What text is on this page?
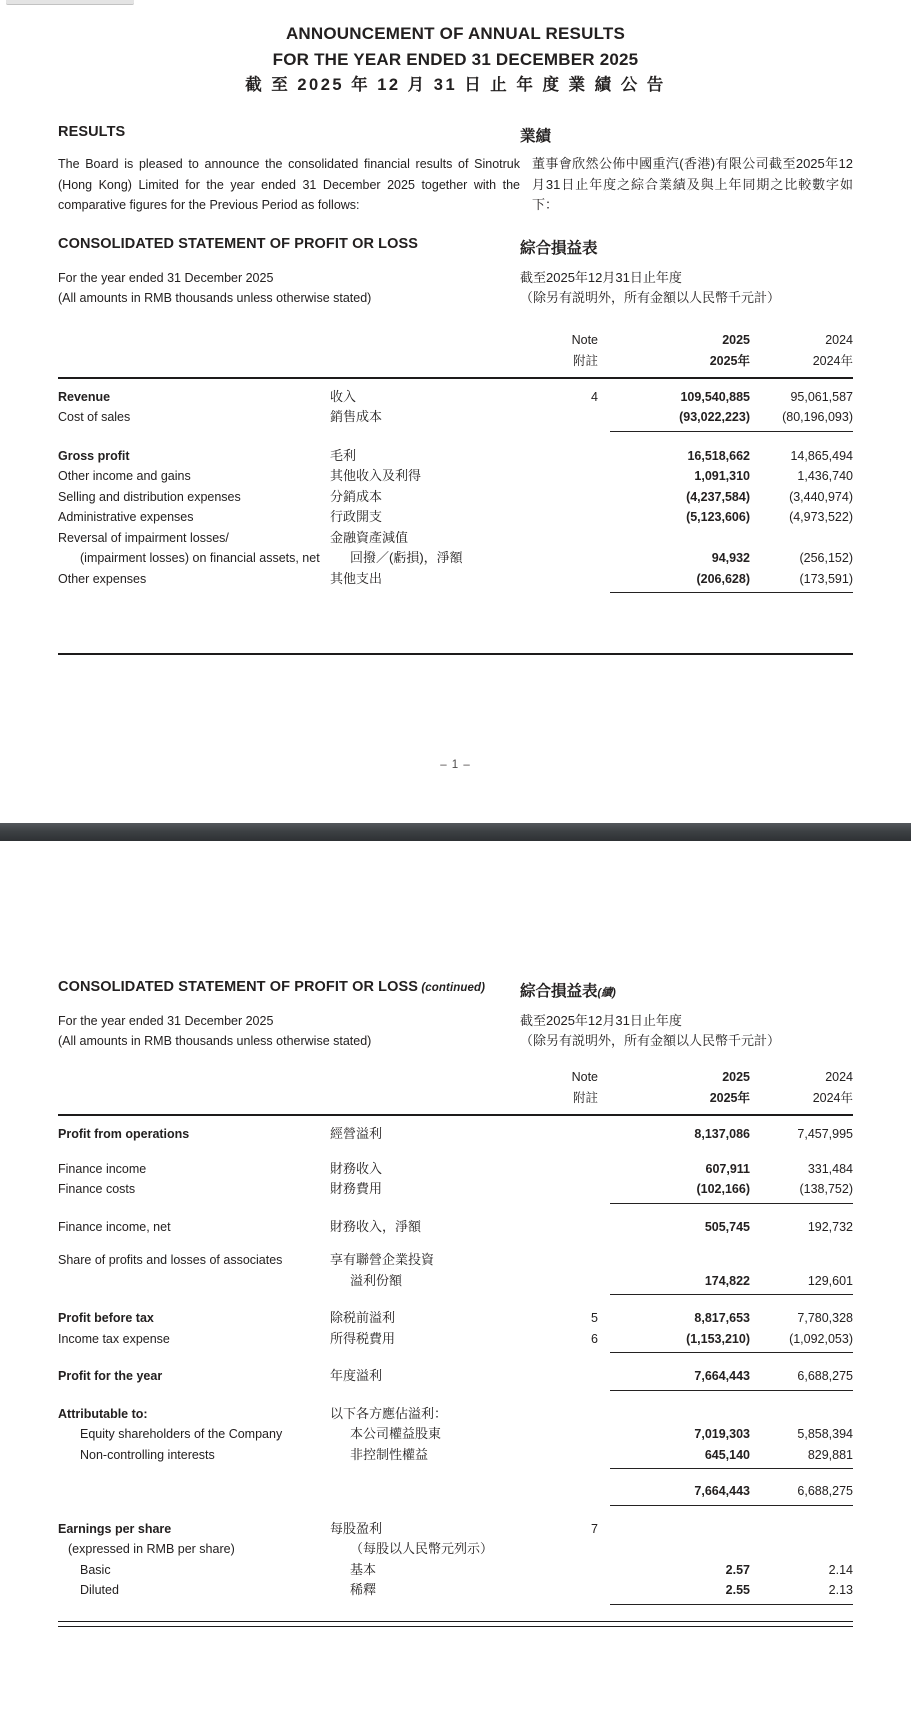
ANNOUNCEMENT OF ANNUAL RESULTS
FOR THE YEAR ENDED 31 DECEMBER 2025
截 至 2025 年 12 月 31 日 止 年 度 業 績 公 告
RESULTS	業績
The Board is pleased to announce the consolidated financial results of Sinotruk (Hong Kong) Limited for the year ended 31 December 2025 together with the comparative figures for the Previous Period as follows:
董事會欣然公佈中國重汽(香港)有限公司截至2025年12月31日止年度之綜合業績及與上年同期之比較數字如下：
CONSOLIDATED STATEMENT OF PROFIT OR LOSS	綜合損益表
For the year ended 31 December 2025	截至2025年12月31日止年度
(All amounts in RMB thousands unless otherwise stated)	（除另有説明外，所有金額以人民幣千元計）
Note	2025	2024
附註	2025年	2024年
Revenue	收入	4	109,540,885	95,061,587
Cost of sales	銷售成本	(93,022,223)	(80,196,093)
Gross profit	毛利	16,518,662	14,865,494
Other income and gains	其他收入及利得	1,091,310	1,436,740
Selling and distribution expenses	分銷成本	(4,237,584)	(3,440,974)
Administrative expenses	行政開支	(5,123,606)	(4,973,522)
Reversal of impairment losses/	金融資產減值
(impairment losses) on financial assets, net	回撥／(虧損)，淨額	94,932	(256,152)
Other expenses	其他支出	(206,628)	(173,591)
– 1 –
CONSOLIDATED STATEMENT OF PROFIT OR LOSS (continued)	綜合損益表(續)
For the year ended 31 December 2025	截至2025年12月31日止年度
(All amounts in RMB thousands unless otherwise stated)	（除另有説明外，所有金額以人民幣千元計）
Note	2025	2024
附註	2025年	2024年
Profit from operations	經營溢利	8,137,086	7,457,995
Finance income	財務收入	607,911	331,484
Finance costs	財務費用	(102,166)	(138,752)
Finance income, net	財務收入，淨額	505,745	192,732
Share of profits and losses of associates	享有聯營企業投資
溢利份額	174,822	129,601
Profit before tax	除税前溢利	5	8,817,653	7,780,328
Income tax expense	所得税費用	6	(1,153,210)	(1,092,053)
Profit for the year	年度溢利	7,664,443	6,688,275
Attributable to:	以下各方應佔溢利：
Equity shareholders of the Company	本公司權益股東	7,019,303	5,858,394
Non-controlling interests	非控制性權益	645,140	829,881
7,664,443	6,688,275
Earnings per share	每股盈利	7
(expressed in RMB per share)	（每股以人民幣元列示）
Basic	基本	2.57	2.14
Diluted	稀釋	2.55	2.13
